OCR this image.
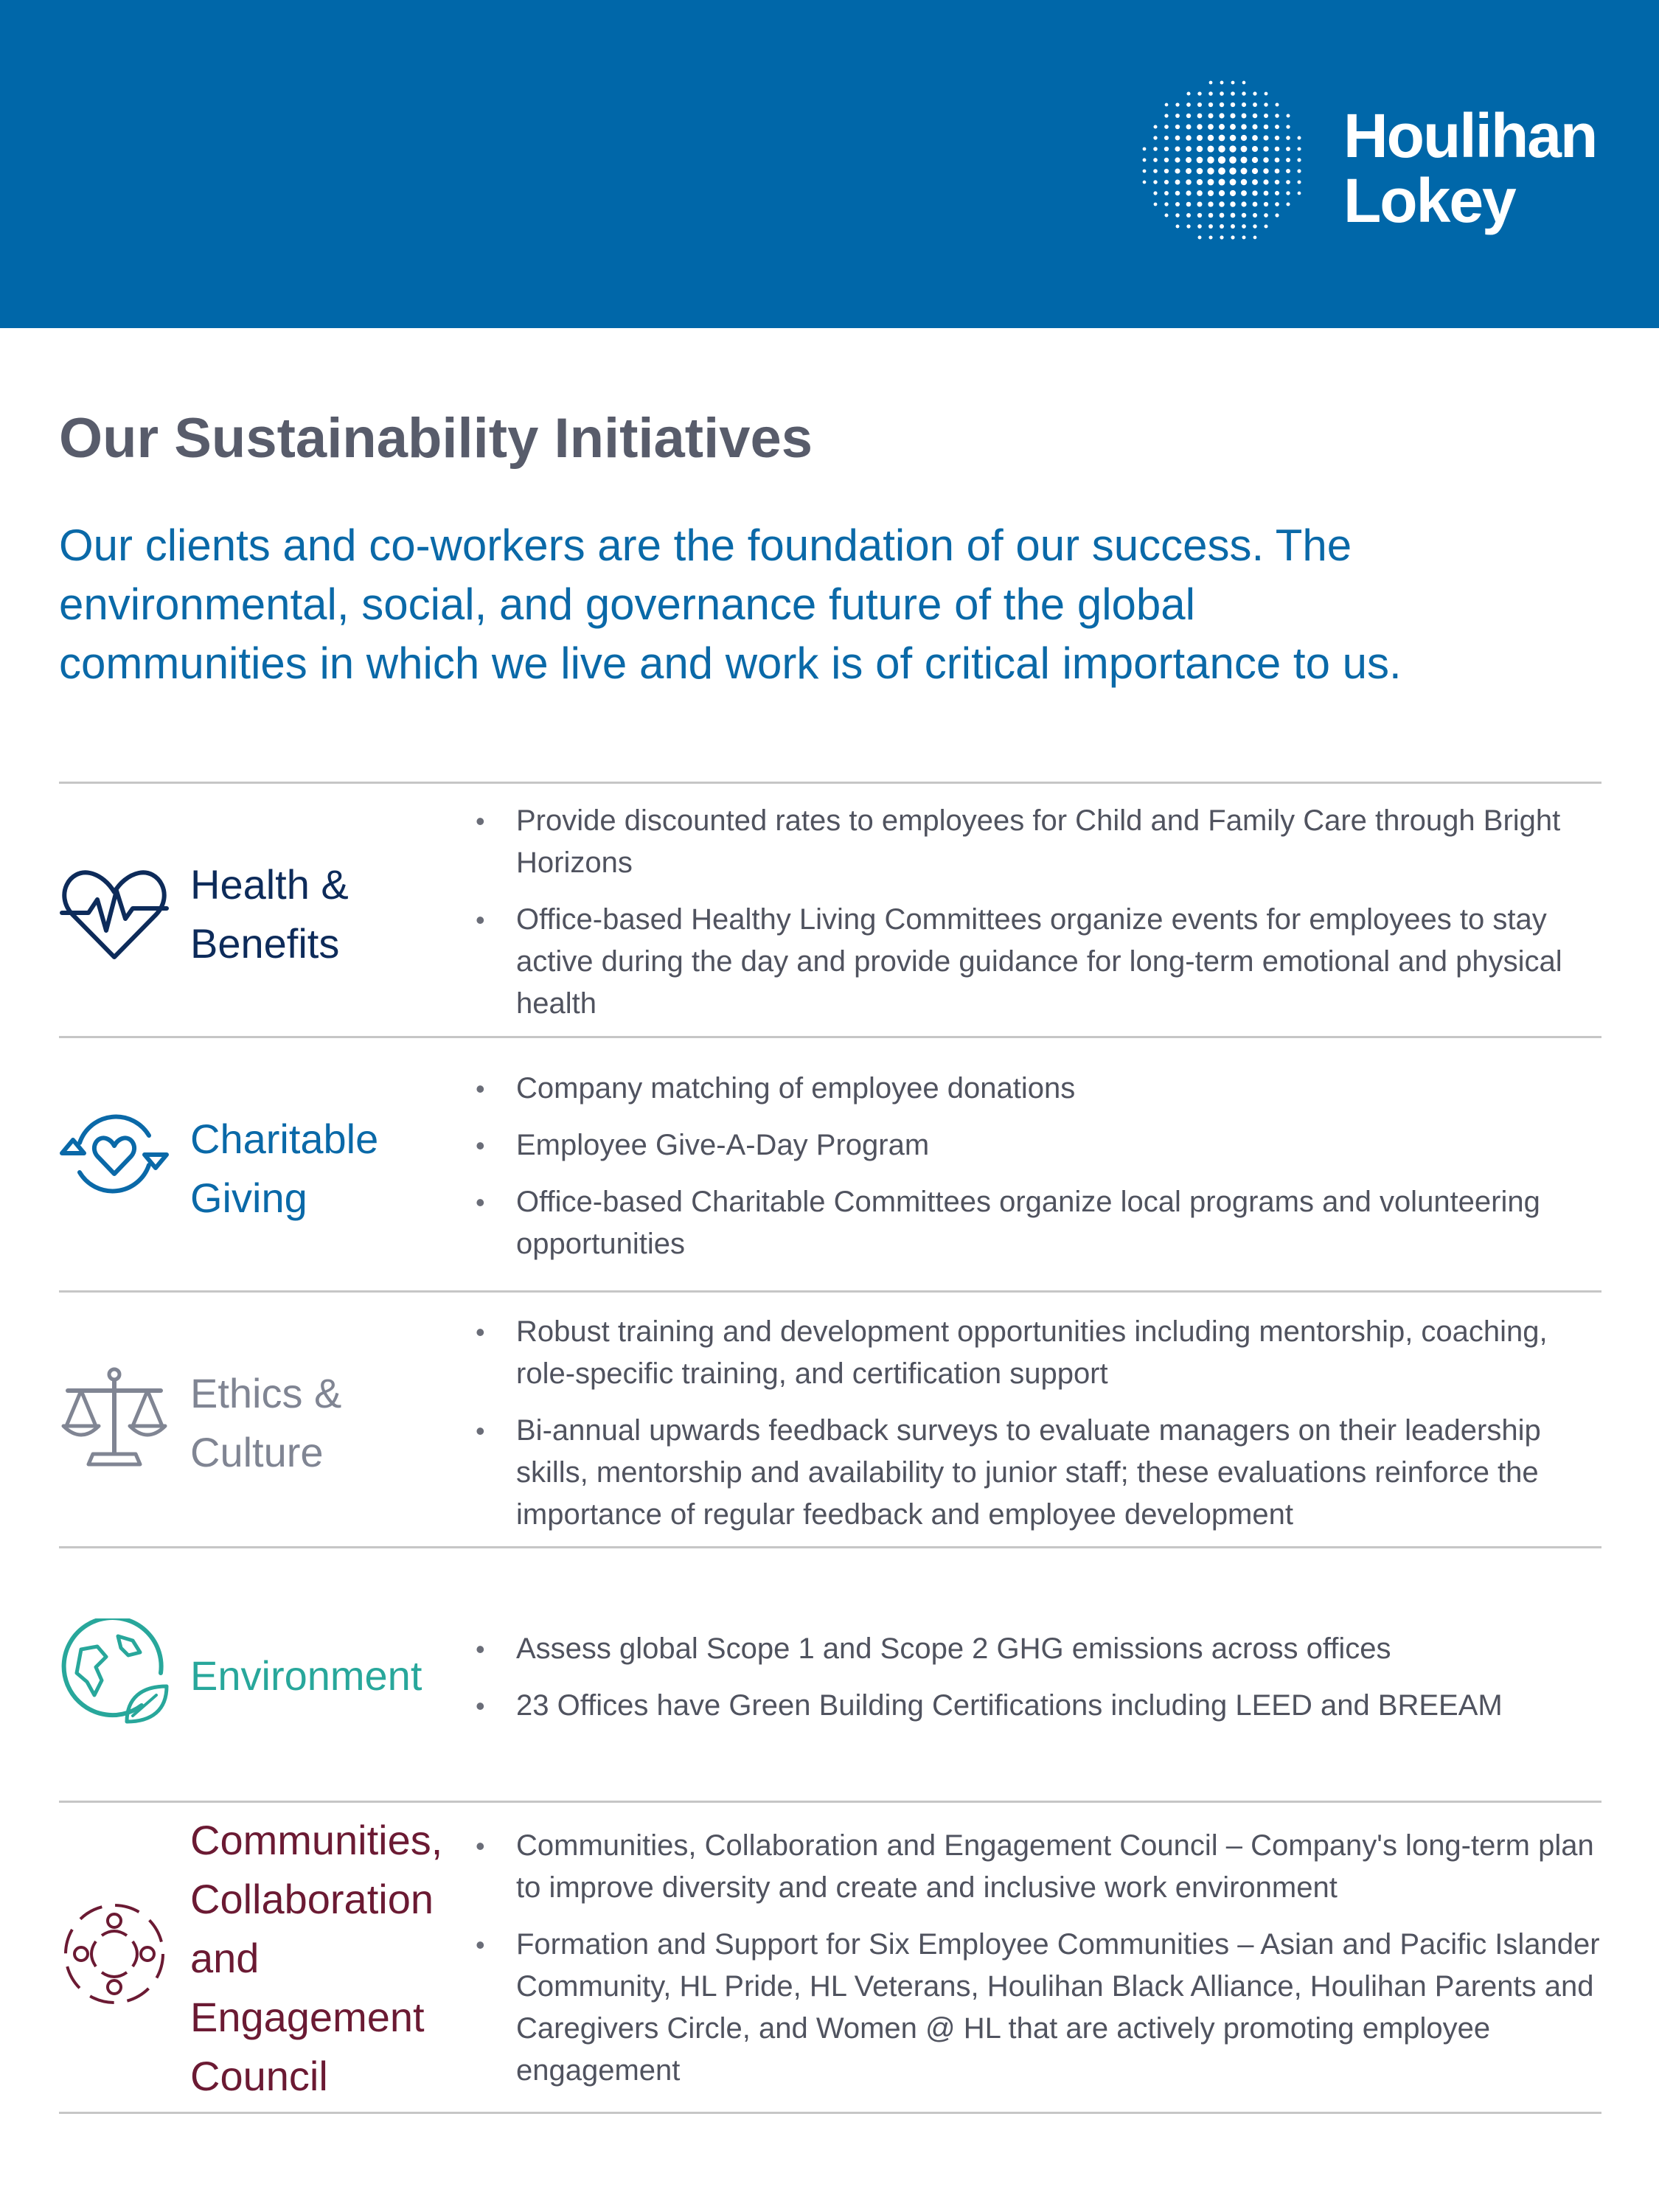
Houlihan
Lokey
Our Sustainability Initiatives
Our clients and co-workers are the foundation of our success. The
environmental, social, and governance future of the global
communities in which we live and work is of critical importance to us.
Health &
Benefits
• Provide discounted rates to employees for Child and Family Care through Bright Horizons
• Office-based Healthy Living Committees organize events for employees to stay active during the day and provide guidance for long-term emotional and physical health
Charitable
Giving
• Company matching of employee donations
• Employee Give-A-Day Program
• Office-based Charitable Committees organize local programs and volunteering opportunities
Ethics &
Culture
• Robust training and development opportunities including mentorship, coaching, role-specific training, and certification support
• Bi-annual upwards feedback surveys to evaluate managers on their leadership skills, mentorship and availability to junior staff; these evaluations reinforce the importance of regular feedback and employee development
Environment
• Assess global Scope 1 and Scope 2 GHG emissions across offices
• 23 Offices have Green Building Certifications including LEED and BREEAM
Communities,
Collaboration
and
Engagement
Council
• Communities, Collaboration and Engagement Council – Company's long-term plan to improve diversity and create and inclusive work environment
• Formation and Support for Six Employee Communities – Asian and Pacific Islander Community, HL Pride, HL Veterans, Houlihan Black Alliance, Houlihan Parents and Caregivers Circle, and Women @ HL that are actively promoting employee engagement
